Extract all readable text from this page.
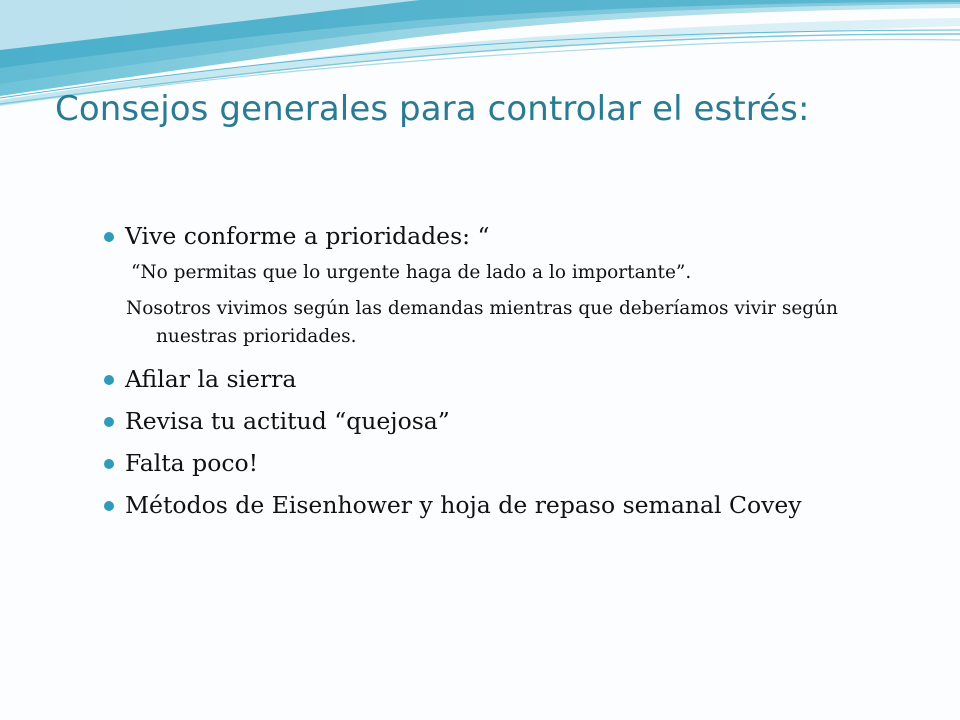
Consejos generales para controlar el estrés:
Vive conforme a prioridades: “
“No permitas que lo urgente haga de lado a lo importante”.
Nosotros vivimos según las demandas mientras que deberíamos vivir según nuestras prioridades.
Afilar la sierra
Revisa tu actitud “quejosa”
Falta poco!
Métodos de Eisenhower y hoja de repaso semanal Covey
